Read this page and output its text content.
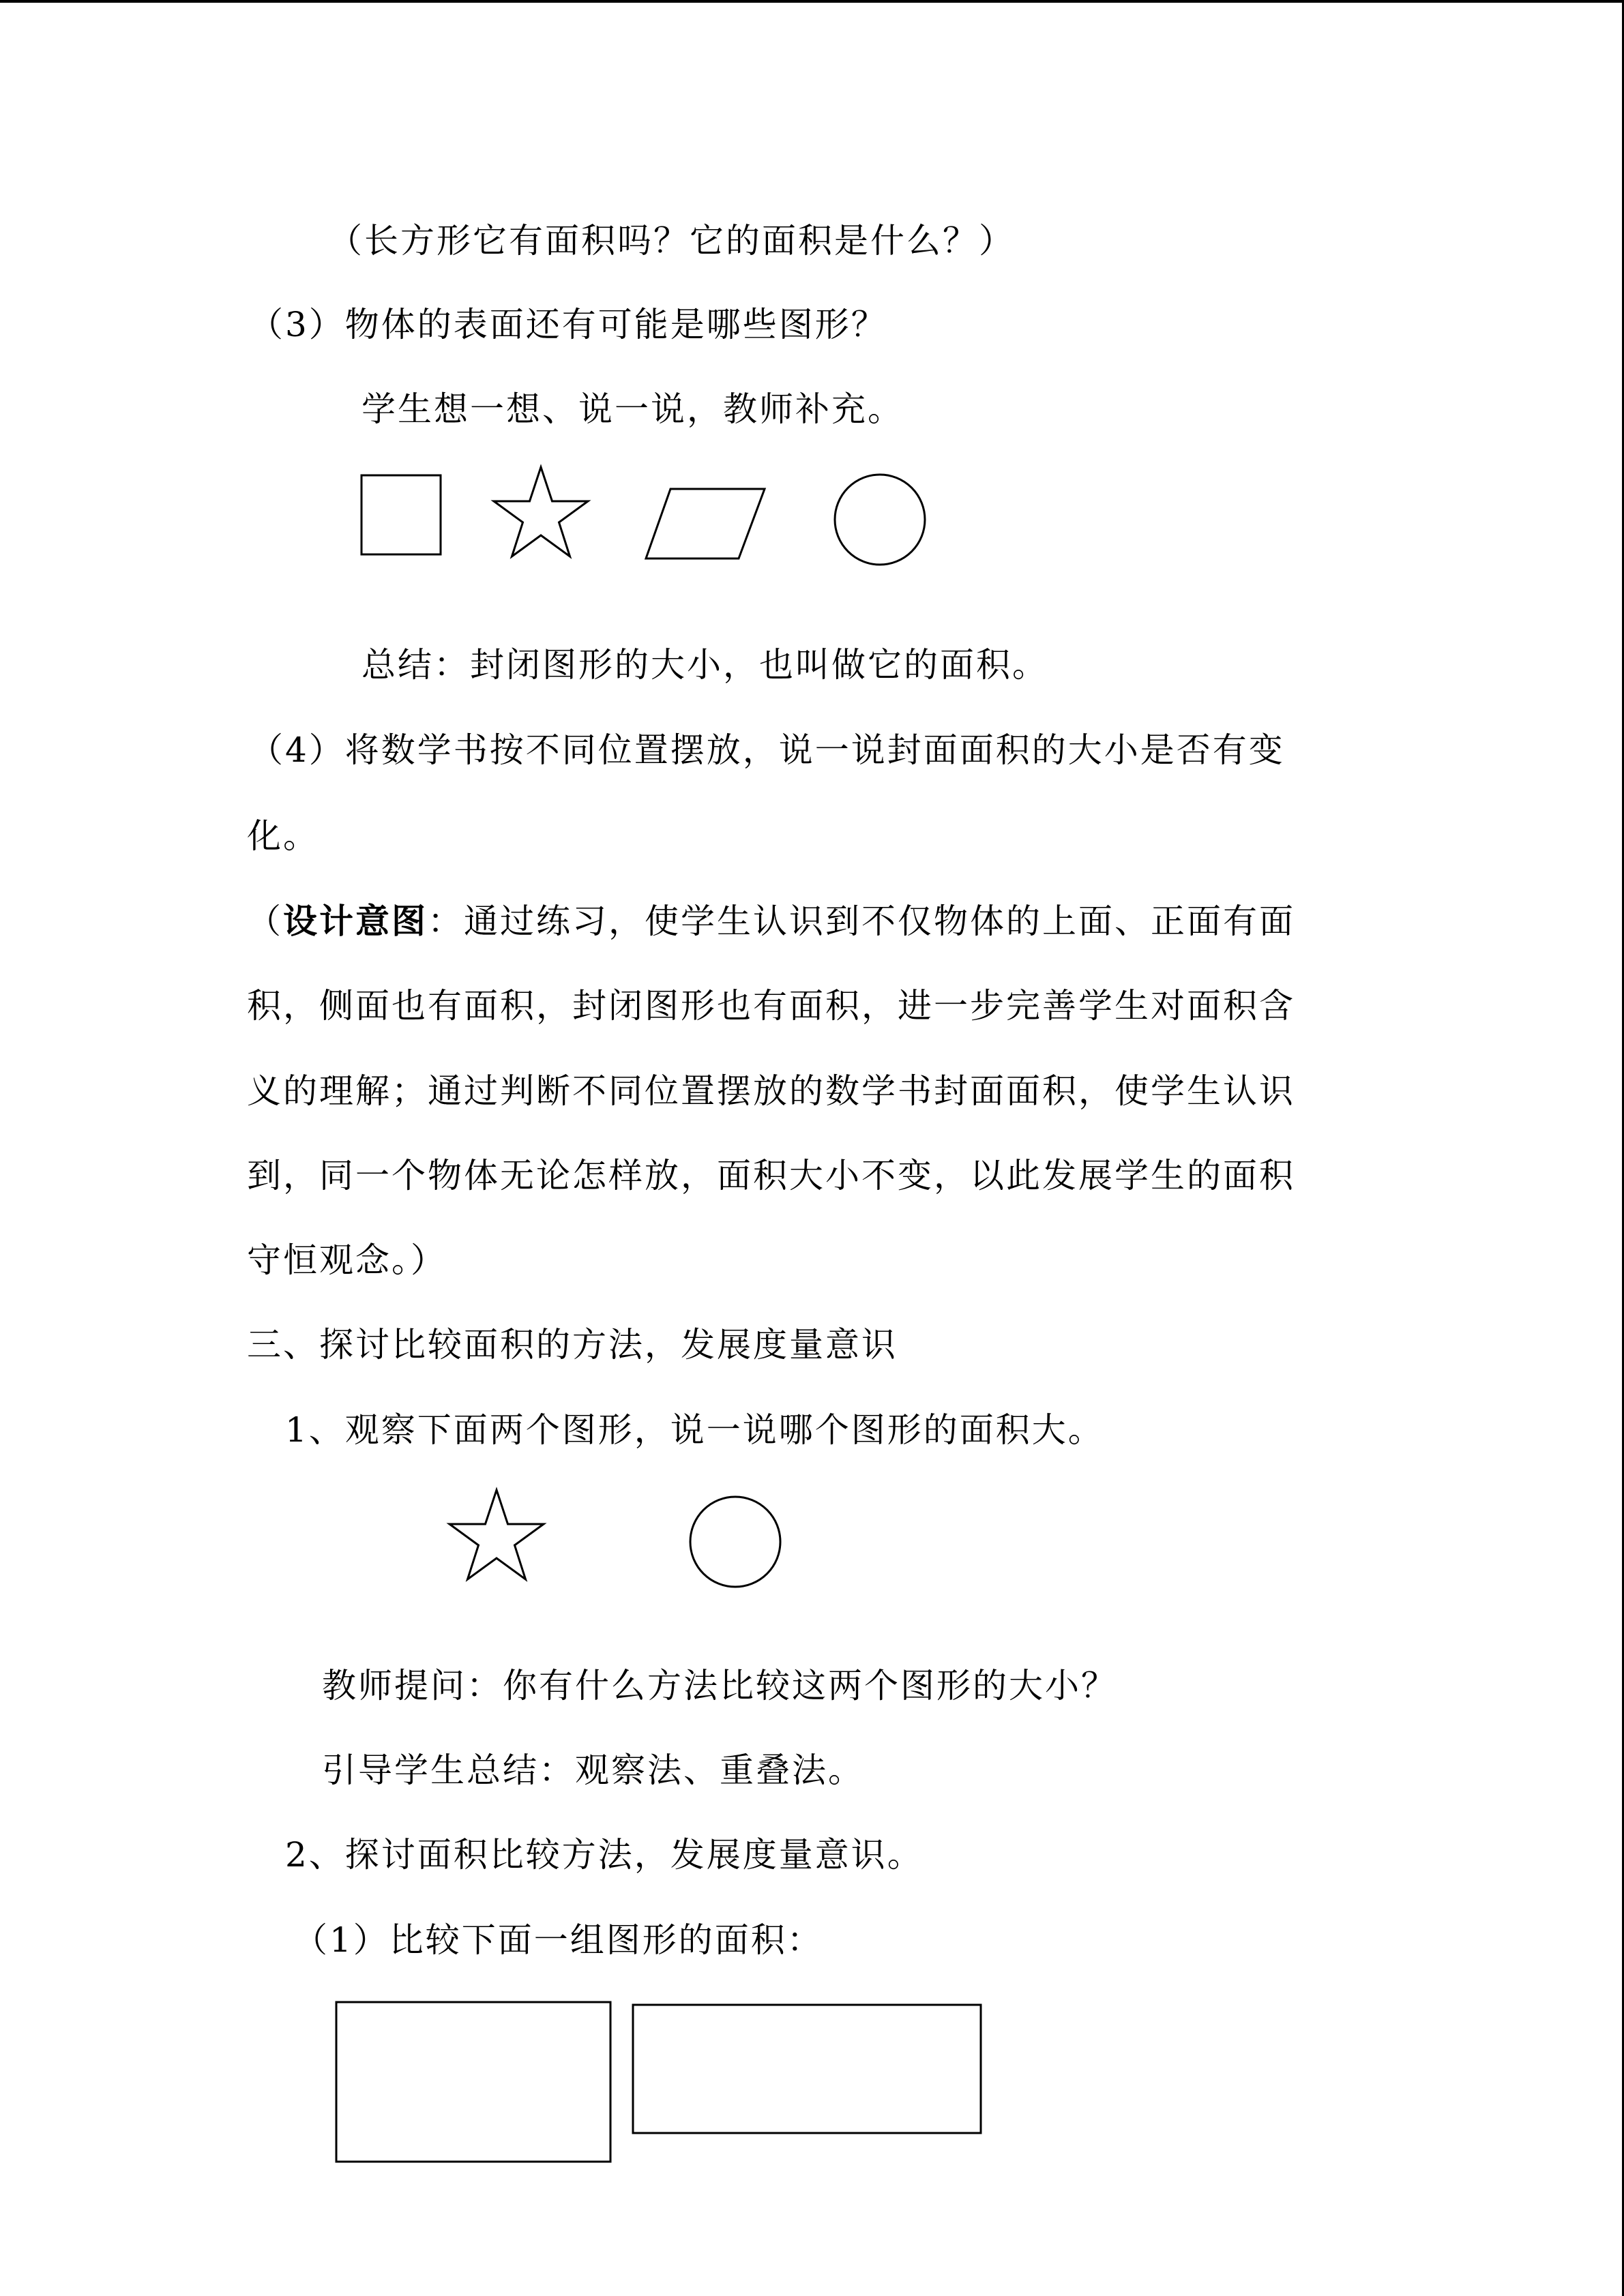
（长方形它有面积吗？它的面积是什么？）

（3）物体的表面还有可能是哪些图形？

学生想一想、说一说，教师补充。

总结：封闭图形的大小，也叫做它的面积。

（4）将数学书按不同位置摆放，说一说封面面积的大小是否有变

化。

（设计意图：通过练习，使学生认识到不仅物体的上面、正面有面

积，侧面也有面积，封闭图形也有面积，进一步完善学生对面积含

义的理解；通过判断不同位置摆放的数学书封面面积，使学生认识

到，同一个物体无论怎样放，面积大小不变，以此发展学生的面积

守恒观念。）

三、探讨比较面积的方法，发展度量意识

1、观察下面两个图形，说一说哪个图形的面积大。

教师提问：你有什么方法比较这两个图形的大小？

引导学生总结：观察法、重叠法。

2、探讨面积比较方法，发展度量意识。

（1）比较下面一组图形的面积：
